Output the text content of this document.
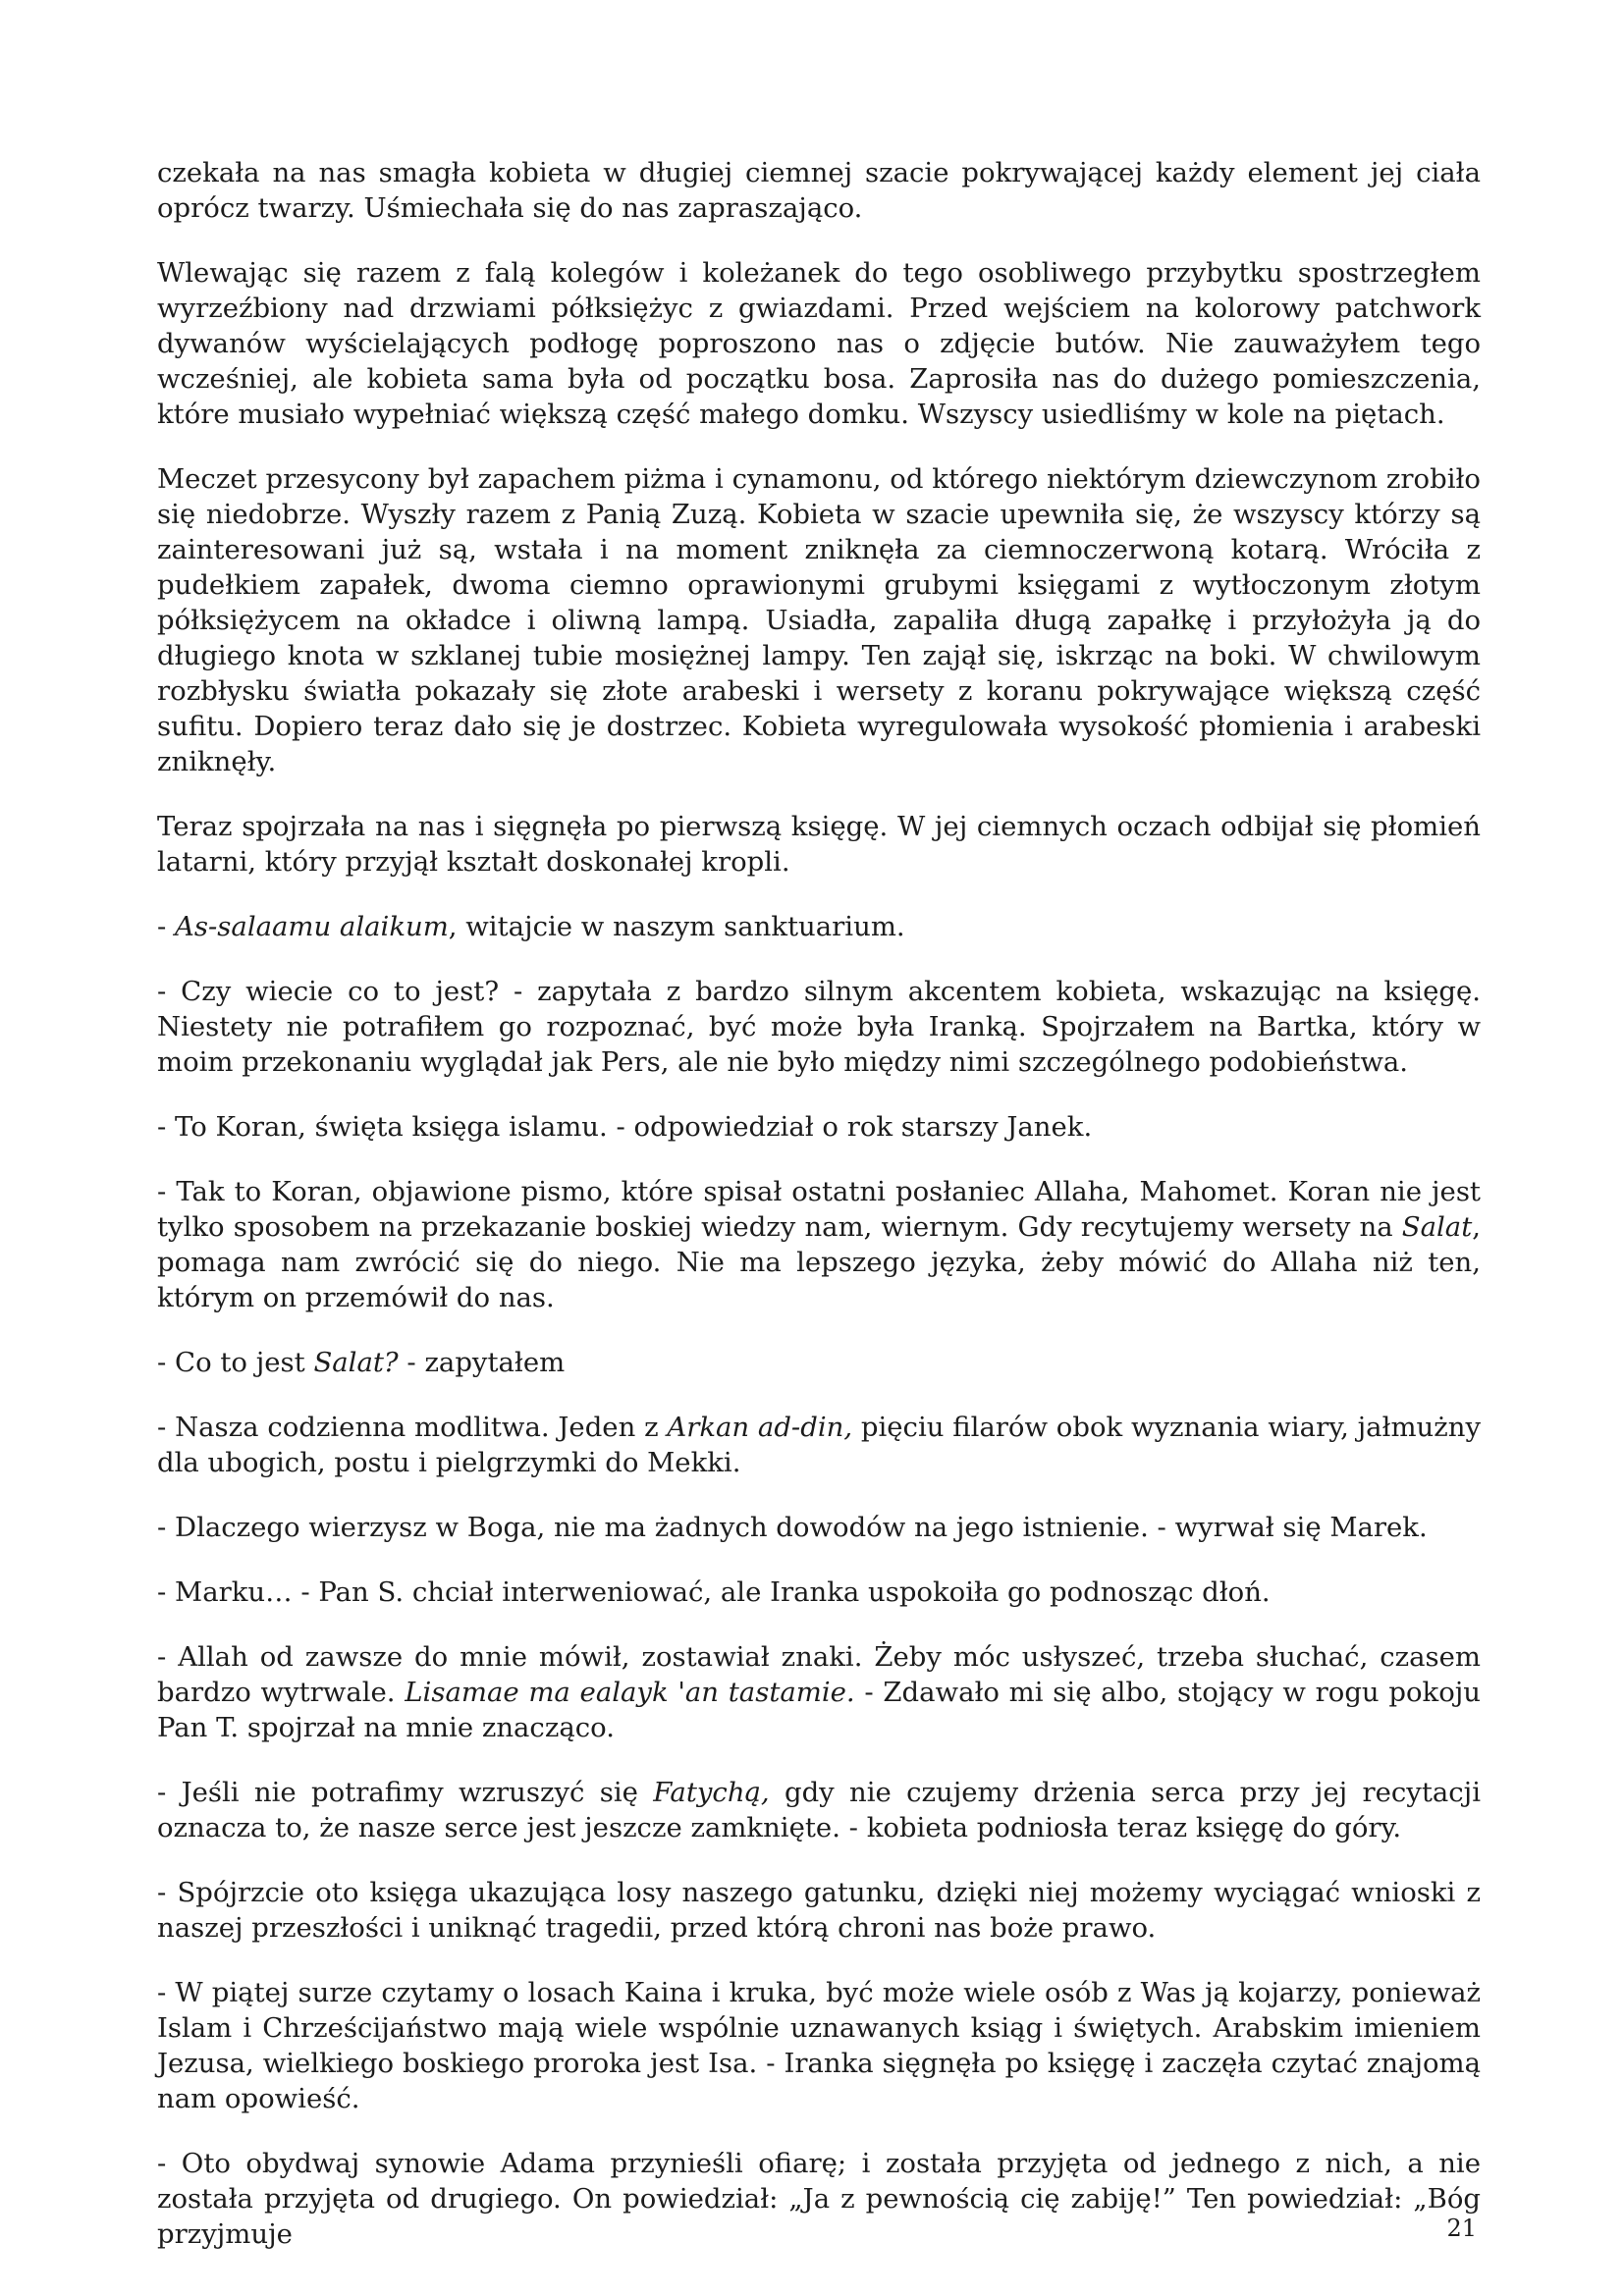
czekała na nas smagła kobieta w długiej ciemnej szacie pokrywającej każdy element jej ciała oprócz twarzy. Uśmiechała się do nas zapraszająco.

Wlewając się razem z falą kolegów i koleżanek do tego osobliwego przybytku spostrzegłem wyrzeźbiony nad drzwiami półksiężyc z gwiazdami. Przed wejściem na kolorowy patchwork dywanów wyścielających podłogę poproszono nas o zdjęcie butów. Nie zauważyłem tego wcześniej, ale kobieta sama była od początku bosa. Zaprosiła nas do dużego pomieszczenia, które musiało wypełniać większą część małego domku. Wszyscy usiedliśmy w kole na piętach.

Meczet przesycony był zapachem piżma i cynamonu, od którego niektórym dziewczynom zrobiło się niedobrze. Wyszły razem z Panią Zuzą. Kobieta w szacie upewniła się, że wszyscy którzy są zainteresowani już są, wstała i na moment zniknęła za ciemnoczerwoną kotarą. Wróciła z pudełkiem zapałek, dwoma ciemno oprawionymi grubymi księgami z wytłoczonym złotym półksiężycem na okładce i oliwną lampą. Usiadła, zapaliła długą zapałkę i przyłożyła ją do długiego knota w szklanej tubie mosiężnej lampy. Ten zajął się, iskrząc na boki. W chwilowym rozbłysku światła pokazały się złote arabeski i wersety z koranu pokrywające większą część sufitu. Dopiero teraz dało się je dostrzec. Kobieta wyregulowała wysokość płomienia i arabeski zniknęły.

Teraz spojrzała na nas i sięgnęła po pierwszą księgę. W jej ciemnych oczach odbijał się płomień latarni, który przyjął kształt doskonałej kropli.

- As-salaamu alaikum, witajcie w naszym sanktuarium.

- Czy wiecie co to jest? - zapytała z bardzo silnym akcentem kobieta, wskazując na księgę. Niestety nie potrafiłem go rozpoznać, być może była Iranką. Spojrzałem na Bartka, który w moim przekonaniu wyglądał jak Pers, ale nie było między nimi szczególnego podobieństwa.

- To Koran, święta księga islamu. - odpowiedział o rok starszy Janek.

- Tak to Koran, objawione pismo, które spisał ostatni posłaniec Allaha, Mahomet. Koran nie jest tylko sposobem na przekazanie boskiej wiedzy nam, wiernym. Gdy recytujemy wersety na Salat, pomaga nam zwrócić się do niego. Nie ma lepszego języka, żeby mówić do Allaha niż ten, którym on przemówił do nas.

- Co to jest Salat? - zapytałem

- Nasza codzienna modlitwa. Jeden z Arkan ad-din, pięciu filarów obok wyznania wiary, jałmużny dla ubogich, postu i pielgrzymki do Mekki.

- Dlaczego wierzysz w Boga, nie ma żadnych dowodów na jego istnienie. - wyrwał się Marek.

- Marku… - Pan S. chciał interweniować, ale Iranka uspokoiła go podnosząc dłoń.

- Allah od zawsze do mnie mówił, zostawiał znaki. Żeby móc usłyszeć, trzeba słuchać, czasem bardzo wytrwale. Lisamae ma ealayk 'an tastamie. - Zdawało mi się albo, stojący w rogu pokoju Pan T. spojrzał na mnie znacząco.

- Jeśli nie potrafimy wzruszyć się Fatychą, gdy nie czujemy drżenia serca przy jej recytacji oznacza to, że nasze serce jest jeszcze zamknięte. - kobieta podniosła teraz księgę do góry.

- Spójrzcie oto księga ukazująca losy naszego gatunku, dzięki niej możemy wyciągać wnioski z naszej przeszłości i uniknąć tragedii, przed którą chroni nas boże prawo.

- W piątej surze czytamy o losach Kaina i kruka, być może wiele osób z Was ją kojarzy, ponieważ Islam i Chrześcijaństwo mają wiele wspólnie uznawanych ksiąg i świętych. Arabskim imieniem Jezusa, wielkiego boskiego proroka jest Isa. - Iranka sięgnęła po księgę i zaczęła czytać znajomą nam opowieść.

- Oto obydwaj synowie Adama przynieśli ofiarę; i została przyjęta od jednego z nich, a nie została przyjęta od drugiego. On powiedział: „Ja z pewnością cię zabiję!” Ten powiedział: „Bóg przyjmuje	21
